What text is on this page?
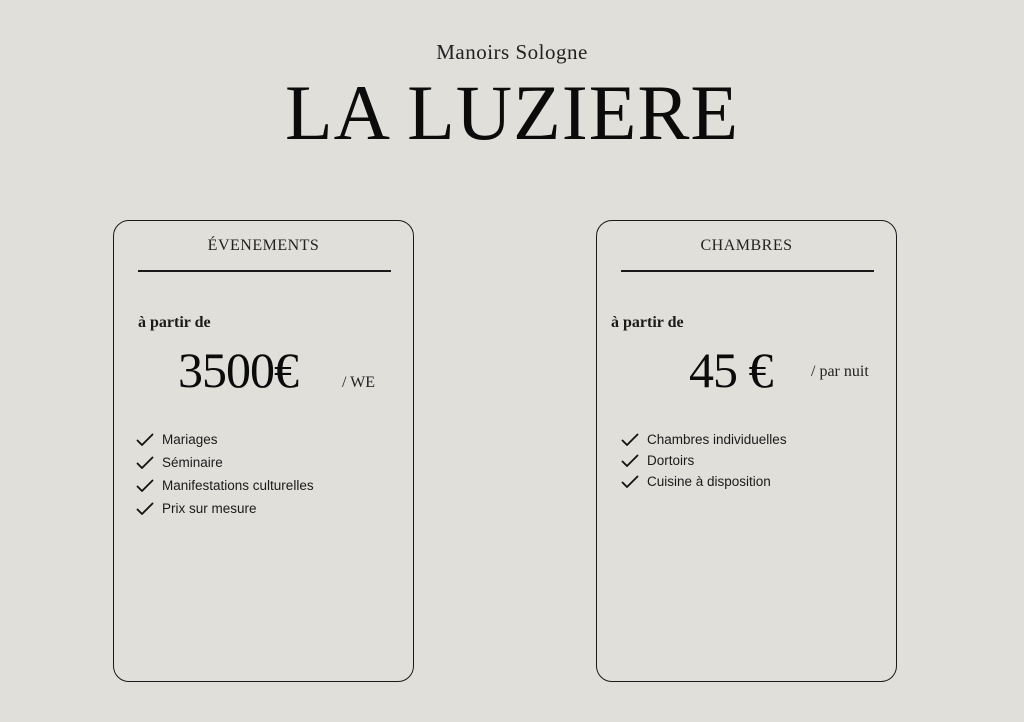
Manoirs Sologne
LA LUZIERE
ÉVENEMENTS
à partir de
3500€	/ WE
Mariages
Séminaire
Manifestations culturelles
Prix sur mesure
CHAMBRES
à partir de
45 € / par nuit
Chambres individuelles
Dortoirs
Cuisine à disposition
